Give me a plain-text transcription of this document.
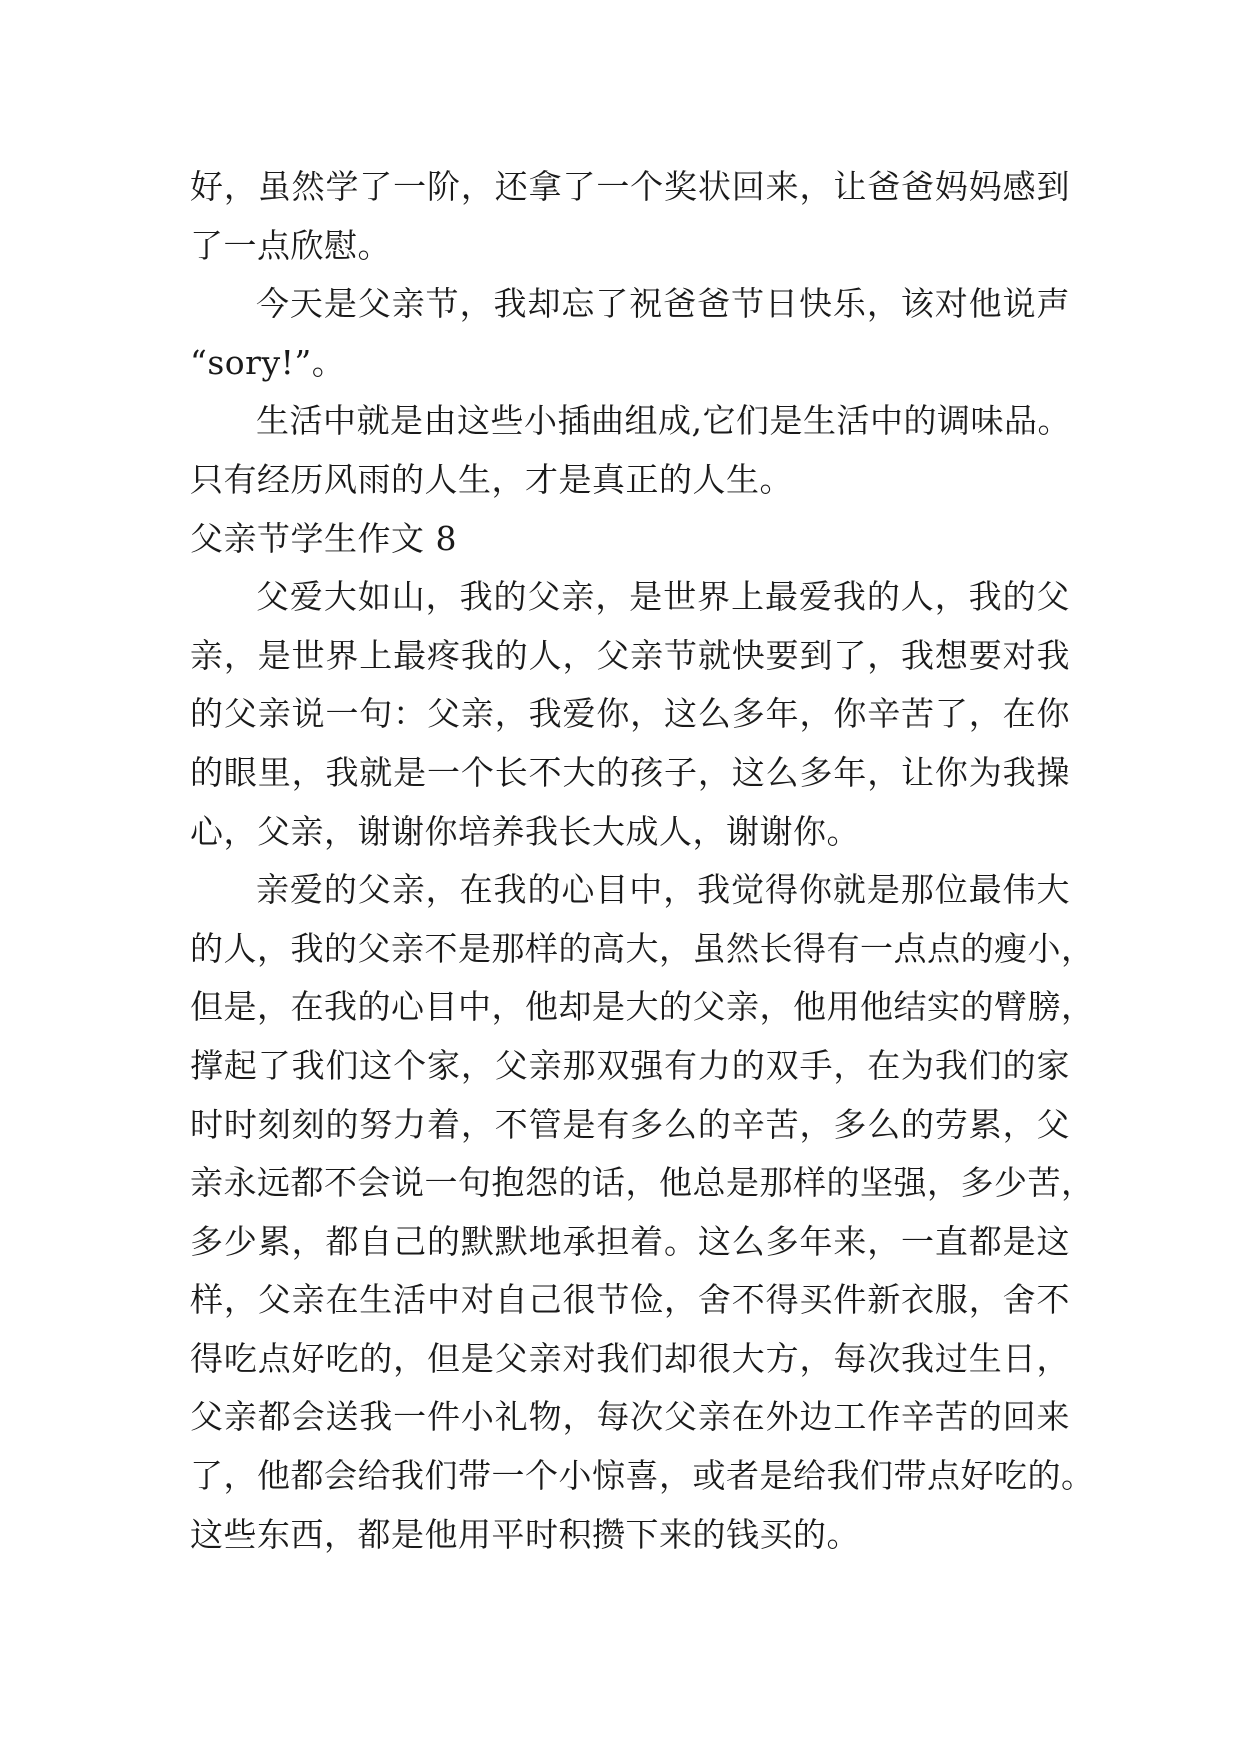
好，虽然学了一阶，还拿了一个奖状回来，让爸爸妈妈感到
了一点欣慰。
今天是父亲节，我却忘了祝爸爸节日快乐，该对他说声
“sory!”。
生活中就是由这些小插曲组成,它们是生活中的调味品。
只有经历风雨的人生，才是真正的人生。
父亲节学生作文 8
父爱大如山，我的父亲，是世界上最爱我的人，我的父
亲，是世界上最疼我的人，父亲节就快要到了，我想要对我
的父亲说一句：父亲，我爱你，这么多年，你辛苦了，在你
的眼里，我就是一个长不大的孩子，这么多年，让你为我操
心，父亲，谢谢你培养我长大成人，谢谢你。
亲爱的父亲，在我的心目中，我觉得你就是那位最伟大
的人，我的父亲不是那样的高大，虽然长得有一点点的瘦小，
但是，在我的心目中，他却是大的父亲，他用他结实的臂膀，
撑起了我们这个家，父亲那双强有力的双手，在为我们的家
时时刻刻的努力着，不管是有多么的辛苦，多么的劳累，父
亲永远都不会说一句抱怨的话，他总是那样的坚强，多少苦，
多少累，都自己的默默地承担着。这么多年来，一直都是这
样，父亲在生活中对自己很节俭，舍不得买件新衣服，舍不
得吃点好吃的，但是父亲对我们却很大方，每次我过生日，
父亲都会送我一件小礼物，每次父亲在外边工作辛苦的回来
了，他都会给我们带一个小惊喜，或者是给我们带点好吃的。
这些东西，都是他用平时积攒下来的钱买的。
